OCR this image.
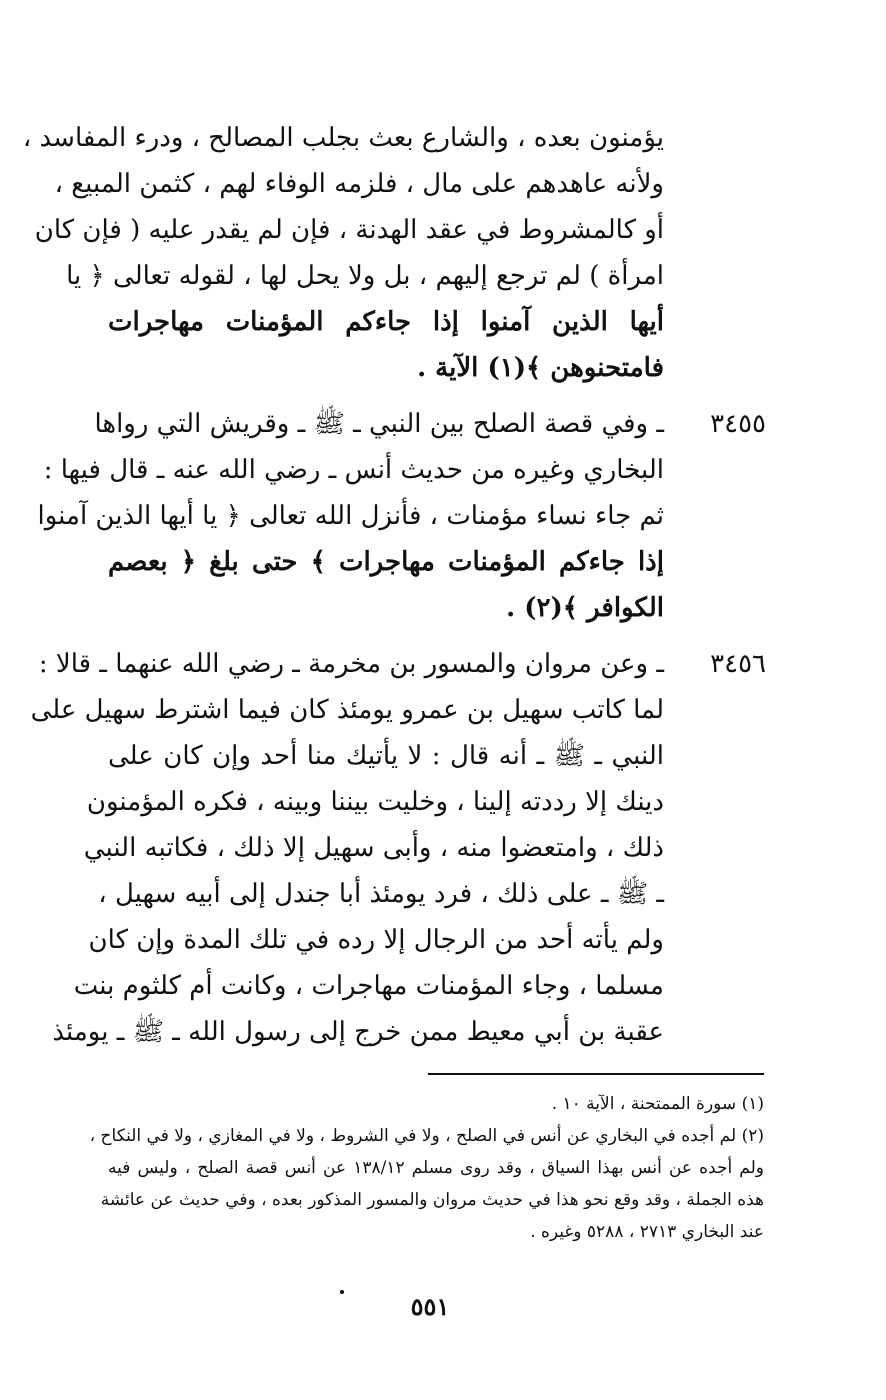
يؤمنون بعده ، والشارع بعث بجلب المصالح ، ودرء المفاسد ،
ولأنه عاهدهم على مال ، فلزمه الوفاء لهم ، كثمن المبيع ،
أو كالمشروط في عقد الهدنة ، فإن لم يقدر عليه ( فإن كان
امرأة ) لم ترجع إليهم ، بل ولا يحل لها ، لقوله تعالى ﴿ يا
أيها الذين آمنوا إذا جاءكم المؤمنات مهاجرات
فامتحنوهن ﴾(١) الآية .
٣٤٥٥
ـ وفي قصة الصلح بين النبي ـ ﷺ ـ وقريش التي رواها
البخاري وغيره من حديث أنس ـ رضي الله عنه ـ قال فيها :
ثم جاء نساء مؤمنات ، فأنزل الله تعالى ﴿ يا أيها الذين آمنوا
إذا جاءكم المؤمنات مهاجرات ﴾ حتى بلغ ﴿ بعصم
الكوافر ﴾(٢) .
٣٤٥٦
ـ وعن مروان والمسور بن مخرمة ـ رضي الله عنهما ـ قالا :
لما كاتب سهيل بن عمرو يومئذ كان فيما اشترط سهيل على
النبي ـ ﷺ ـ أنه قال : لا يأتيك منا أحد وإن كان على
دينك إلا رددته إلينا ، وخليت بيننا وبينه ، فكره المؤمنون
ذلك ، وامتعضوا منه ، وأبى سهيل إلا ذلك ، فكاتبه النبي
ـ ﷺ ـ على ذلك ، فرد يومئذ أبا جندل إلى أبيه سهيل ،
ولم يأته أحد من الرجال إلا رده في تلك المدة وإن كان
مسلما ، وجاء المؤمنات مهاجرات ، وكانت أم كلثوم بنت
عقبة بن أبي معيط ممن خرج إلى رسول الله ـ ﷺ ـ يومئذ
(١) سورة الممتحنة ، الآية ١٠ .
(٢) لم أجده في البخاري عن أنس في الصلح ، ولا في الشروط ، ولا في المغازي ، ولا في النكاح ،
ولم أجده عن أنس بهذا السياق ، وقد روى مسلم ١٣٨/١٢ عن أنس قصة الصلح ، وليس فيه
هذه الجملة ، وقد وقع نحو هذا في حديث مروان والمسور المذكور بعده ، وفي حديث عن عائشة
عند البخاري ٢٧١٣ ، ٥٢٨٨ وغيره .
٥٥١
